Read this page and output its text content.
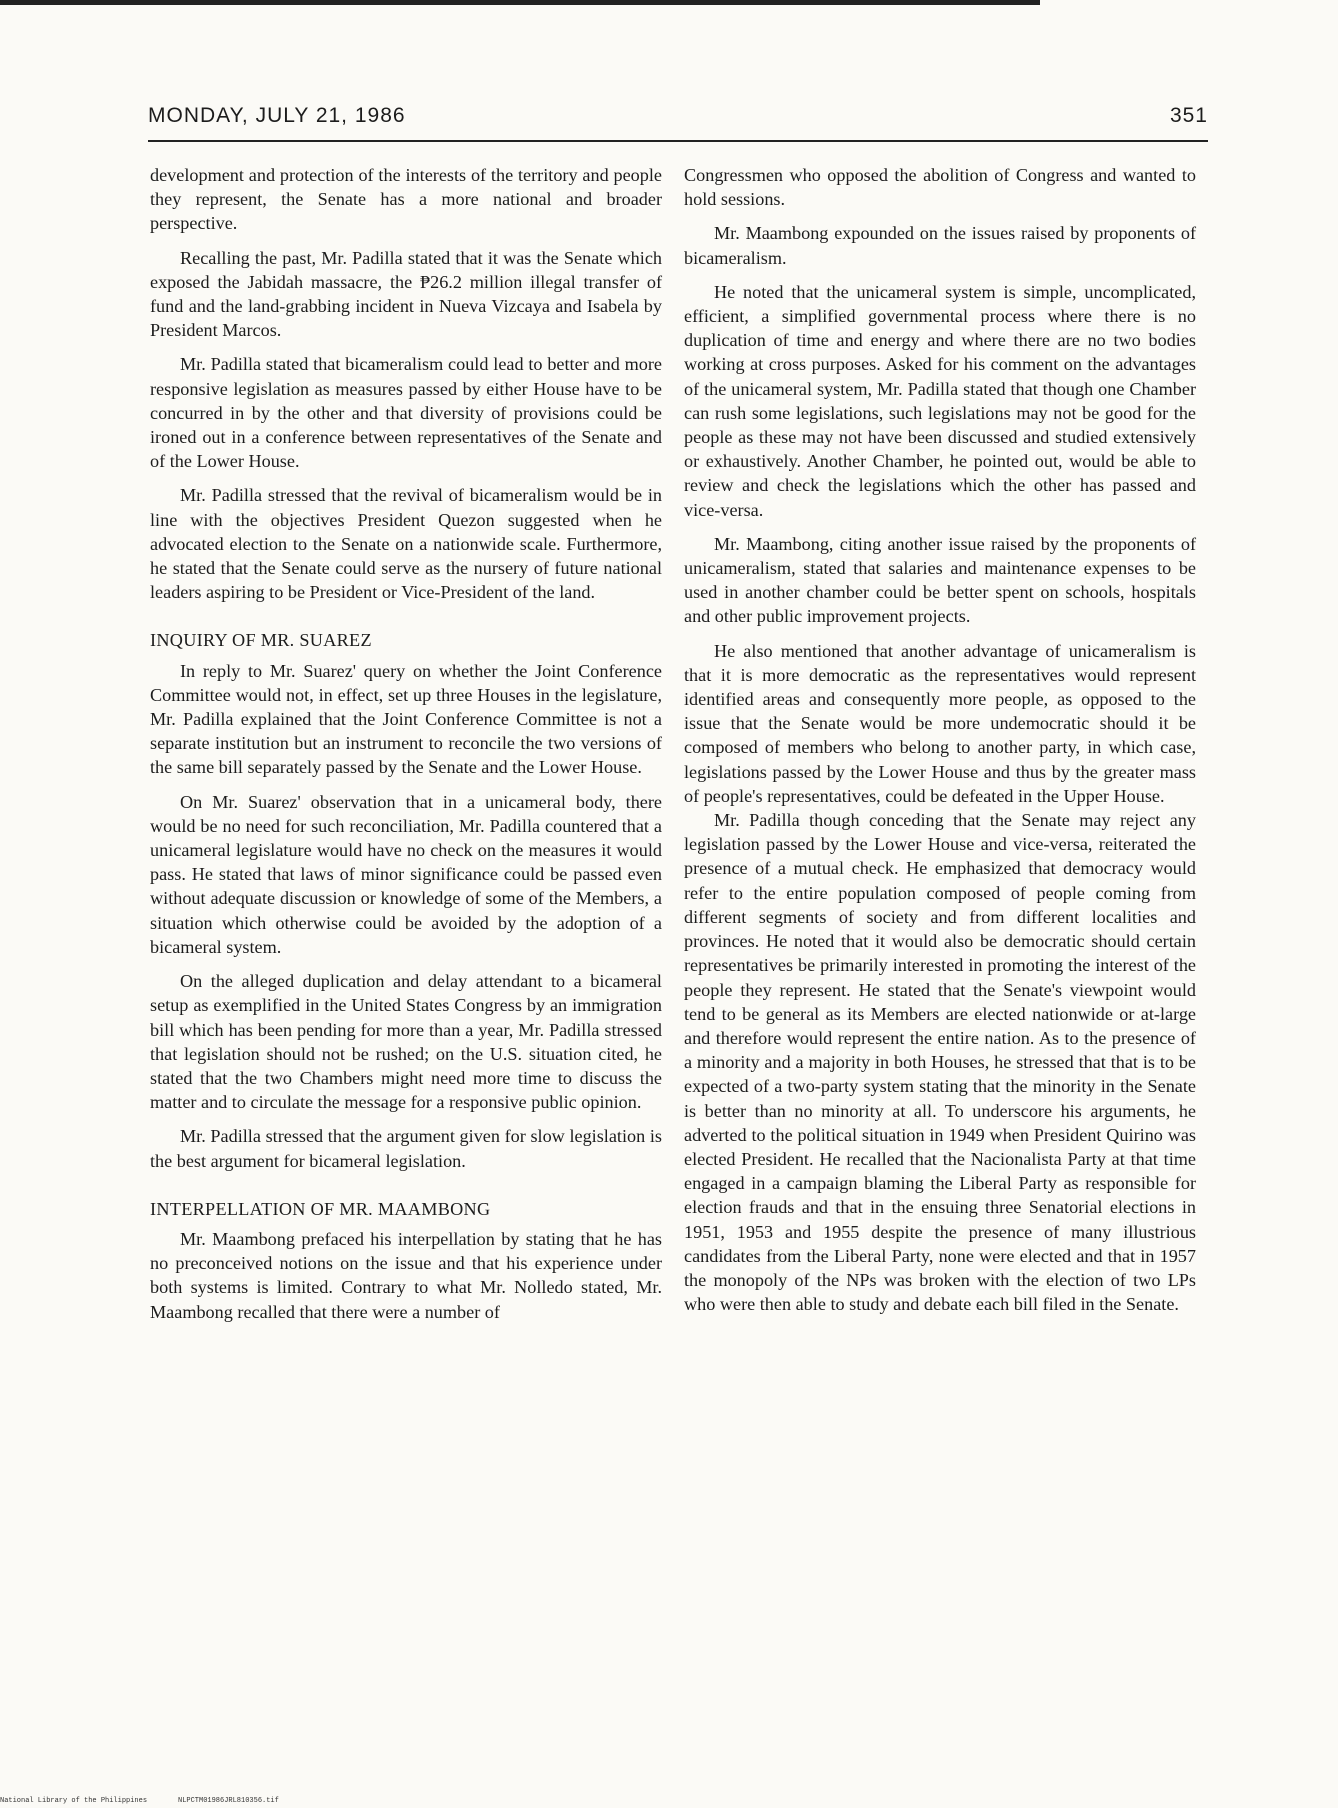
MONDAY, JULY 21, 1986	351

development and protection of the interests of the territory and people they represent, the Senate has a more national and broader perspective.

Recalling the past, Mr. Padilla stated that it was the Senate which exposed the Jabidah massacre, the ₱26.2 million illegal transfer of fund and the land-grabbing incident in Nueva Vizcaya and Isabela by President Marcos.

Mr. Padilla stated that bicameralism could lead to better and more responsive legislation as measures passed by either House have to be concurred in by the other and that diversity of provisions could be ironed out in a conference between representatives of the Senate and of the Lower House.

Mr. Padilla stressed that the revival of bicameralism would be in line with the objectives President Quezon suggested when he advocated election to the Senate on a nationwide scale. Furthermore, he stated that the Senate could serve as the nursery of future national leaders aspiring to be President or Vice-President of the land.

INQUIRY OF MR. SUAREZ

In reply to Mr. Suarez' query on whether the Joint Conference Committee would not, in effect, set up three Houses in the legislature, Mr. Padilla explained that the Joint Conference Committee is not a separate institution but an instrument to reconcile the two versions of the same bill separately passed by the Senate and the Lower House.

On Mr. Suarez' observation that in a unicameral body, there would be no need for such reconciliation, Mr. Padilla countered that a unicameral legislature would have no check on the measures it would pass. He stated that laws of minor significance could be passed even without adequate discussion or knowledge of some of the Members, a situation which otherwise could be avoided by the adoption of a bicameral system.

On the alleged duplication and delay attendant to a bicameral setup as exemplified in the United States Congress by an immigration bill which has been pending for more than a year, Mr. Padilla stressed that legislation should not be rushed; on the U.S. situation cited, he stated that the two Chambers might need more time to discuss the matter and to circulate the message for a responsive public opinion.

Mr. Padilla stressed that the argument given for slow legislation is the best argument for bicameral legislation.

INTERPELLATION OF MR. MAAMBONG

Mr. Maambong prefaced his interpellation by stating that he has no preconceived notions on the issue and that his experience under both systems is limited. Contrary to what Mr. Nolledo stated, Mr. Maambong recalled that there were a number of

Congressmen who opposed the abolition of Congress and wanted to hold sessions.

Mr. Maambong expounded on the issues raised by proponents of bicameralism.

He noted that the unicameral system is simple, uncomplicated, efficient, a simplified governmental process where there is no duplication of time and energy and where there are no two bodies working at cross purposes. Asked for his comment on the advantages of the unicameral system, Mr. Padilla stated that though one Chamber can rush some legislations, such legislations may not be good for the people as these may not have been discussed and studied extensively or exhaustively. Another Chamber, he pointed out, would be able to review and check the legislations which the other has passed and vice-versa.

Mr. Maambong, citing another issue raised by the proponents of unicameralism, stated that salaries and maintenance expenses to be used in another chamber could be better spent on schools, hospitals and other public improvement projects.

He also mentioned that another advantage of unicameralism is that it is more democratic as the representatives would represent identified areas and consequently more people, as opposed to the issue that the Senate would be more undemocratic should it be composed of members who belong to another party, in which case, legislations passed by the Lower House and thus by the greater mass of people's representatives, could be defeated in the Upper House.

Mr. Padilla though conceding that the Senate may reject any legislation passed by the Lower House and vice-versa, reiterated the presence of a mutual check. He emphasized that democracy would refer to the entire population composed of people coming from different segments of society and from different localities and provinces. He noted that it would also be democratic should certain representatives be primarily interested in promoting the interest of the people they represent. He stated that the Senate's viewpoint would tend to be general as its Members are elected nationwide or at-large and therefore would represent the entire nation. As to the presence of a minority and a majority in both Houses, he stressed that that is to be expected of a two-party system stating that the minority in the Senate is better than no minority at all. To underscore his arguments, he adverted to the political situation in 1949 when President Quirino was elected President. He recalled that the Nacionalista Party at that time engaged in a campaign blaming the Liberal Party as responsible for election frauds and that in the ensuing three Senatorial elections in 1951, 1953 and 1955 despite the presence of many illustrious candidates from the Liberal Party, none were elected and that in 1957 the monopoly of the NPs was broken with the election of two LPs who were then able to study and debate each bill filed in the Senate.

National Library of the Philippines	NLPCTM01986JRL810356.tif
